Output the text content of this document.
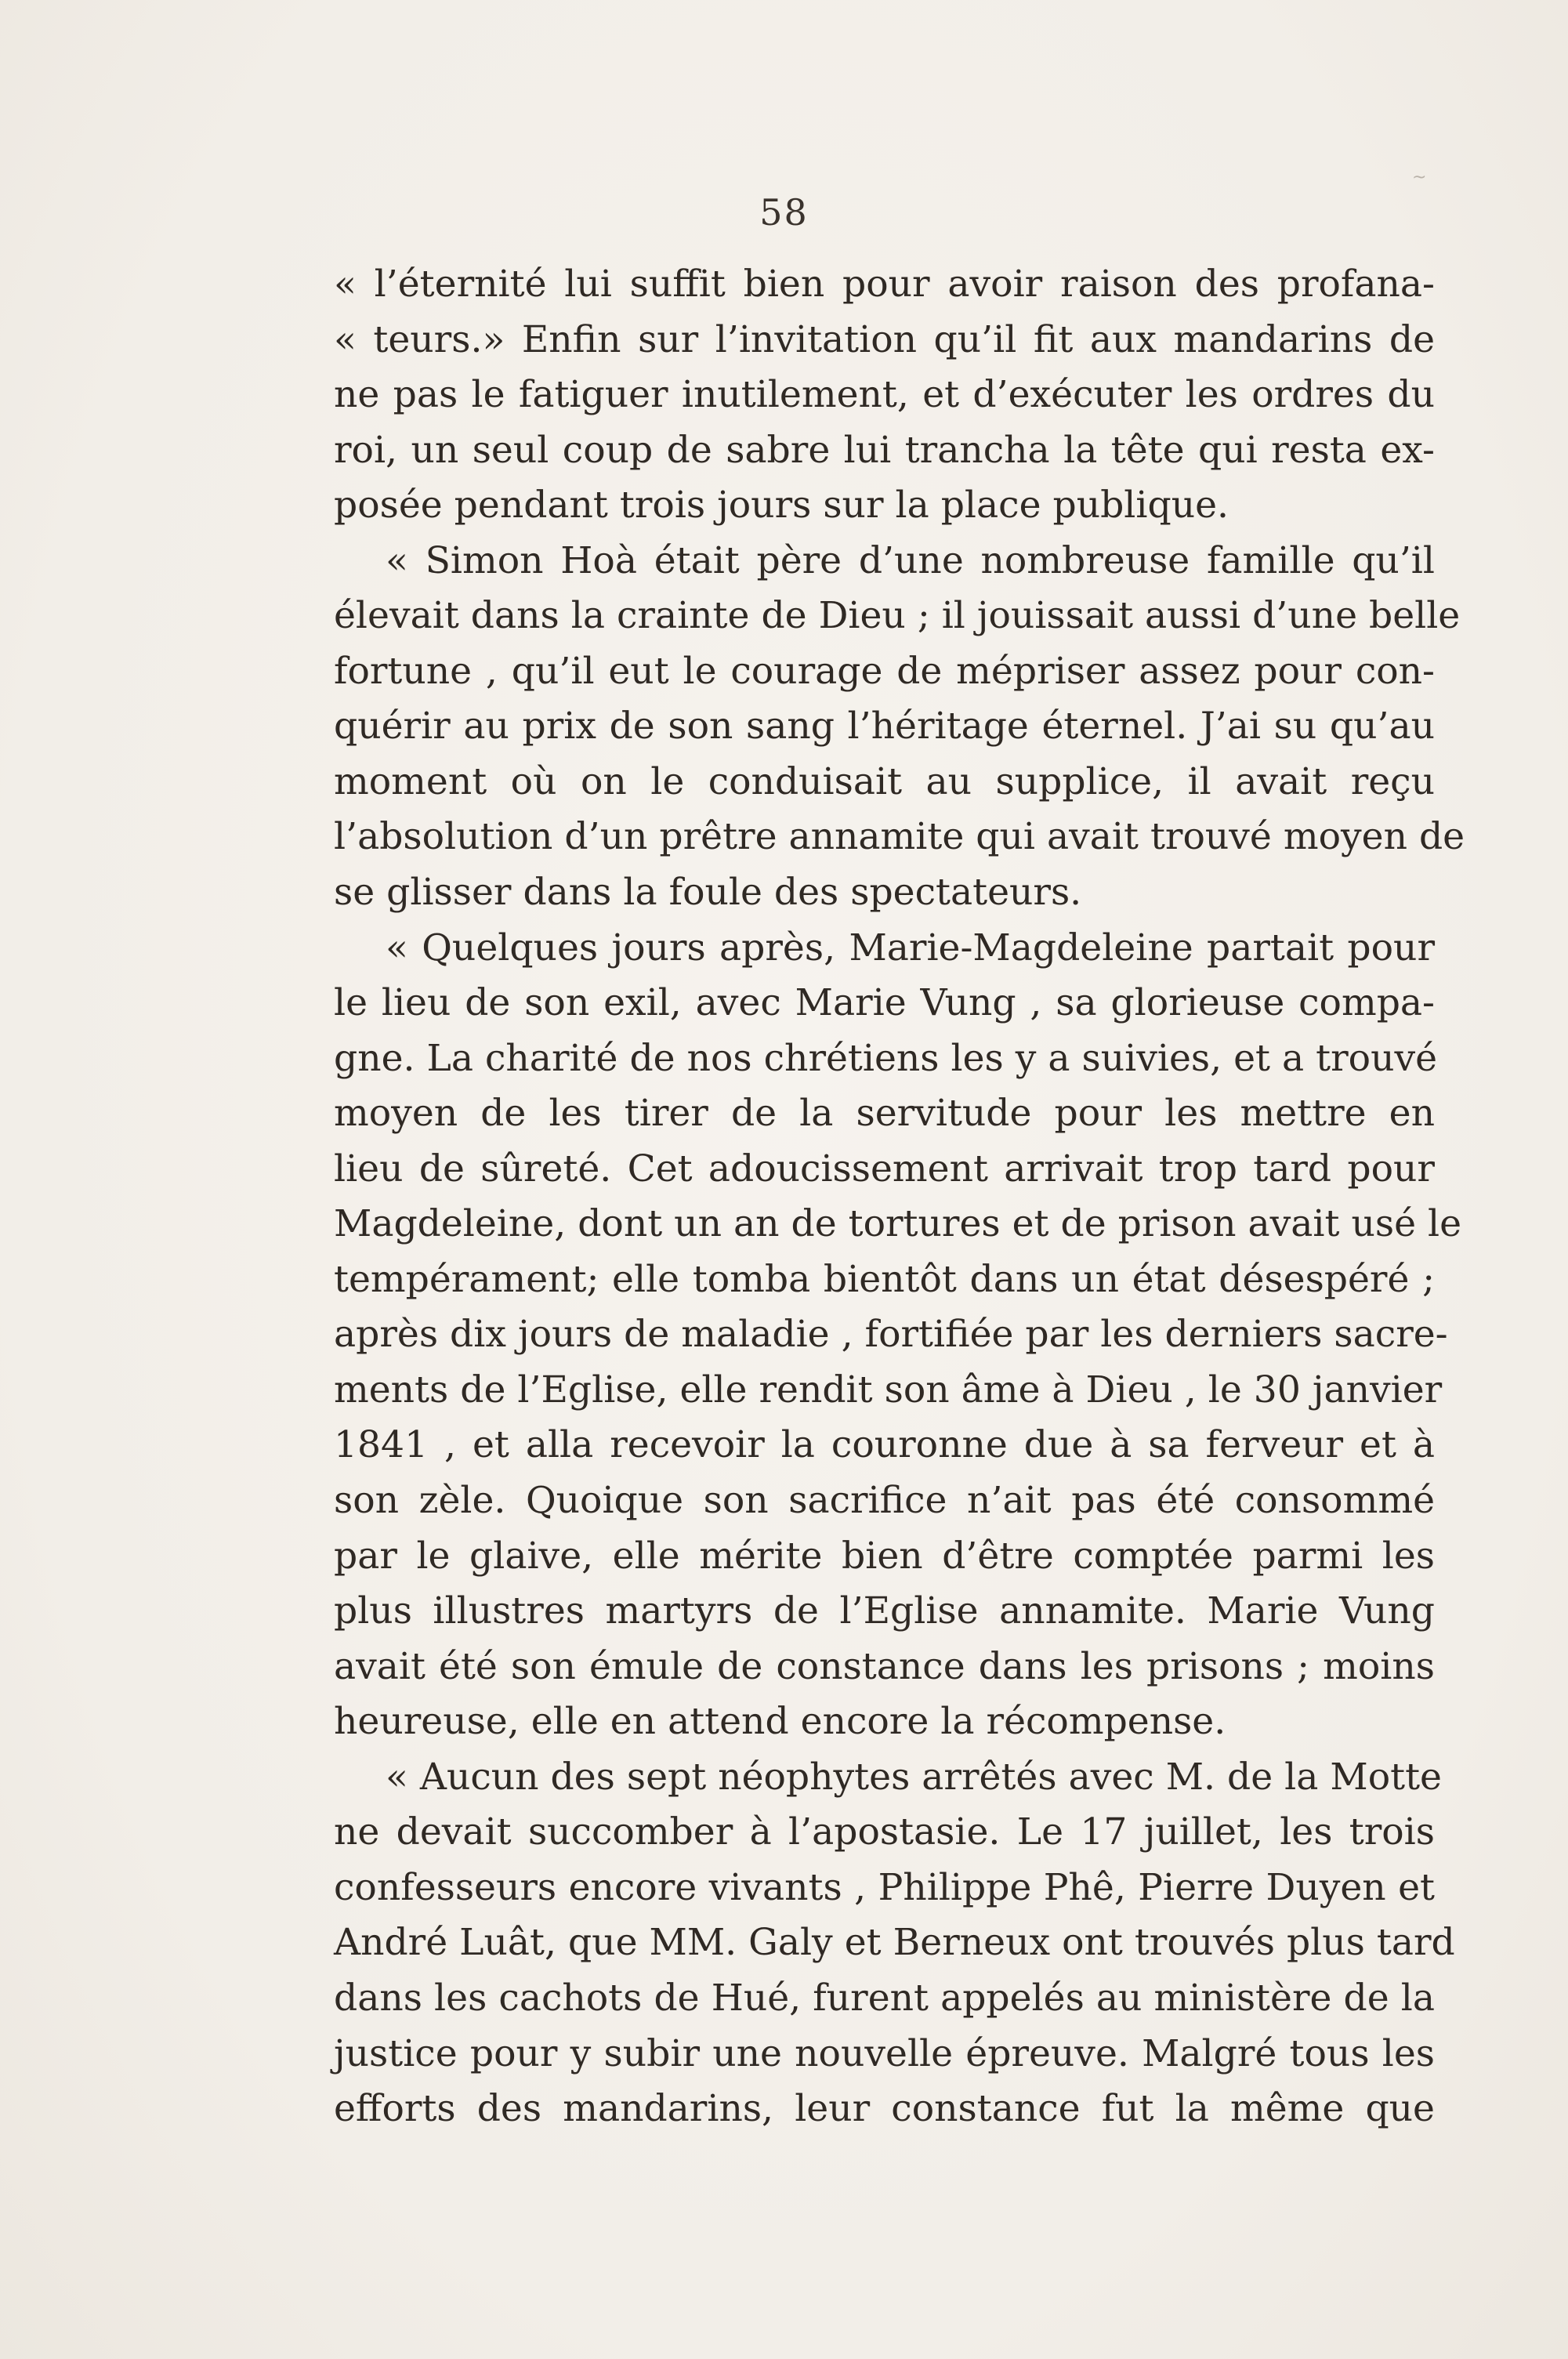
~
58
« l’éternité lui suffit bien pour avoir raison des profana-
« teurs.» Enfin sur l’invitation qu’il fit aux mandarins de
ne pas le fatiguer inutilement, et d’exécuter les ordres du
roi, un seul coup de sabre lui trancha la tête qui resta ex-
posée pendant trois jours sur la place publique.
« Simon Hoà était père d’une nombreuse famille qu’il
élevait dans la crainte de Dieu ; il jouissait aussi d’une belle
fortune , qu’il eut le courage de mépriser assez pour con-
quérir au prix de son sang l’héritage éternel. J’ai su qu’au
moment où on le conduisait au supplice, il avait reçu
l’absolution d’un prêtre annamite qui avait trouvé moyen de
se glisser dans la foule des spectateurs.
« Quelques jours après, Marie-Magdeleine partait pour
le lieu de son exil, avec Marie Vung , sa glorieuse compa-
gne. La charité de nos chrétiens les y a suivies, et a trouvé
moyen de les tirer de la servitude pour les mettre en
lieu de sûreté. Cet adoucissement arrivait trop tard pour
Magdeleine, dont un an de tortures et de prison avait usé le
tempérament; elle tomba bientôt dans un état désespéré ;
après dix jours de maladie , fortifiée par les derniers sacre-
ments de l’Eglise, elle rendit son âme à Dieu , le 30 janvier
1841 , et alla recevoir la couronne due à sa ferveur et à
son zèle. Quoique son sacrifice n’ait pas été consommé
par le glaive, elle mérite bien d’être comptée parmi les
plus illustres martyrs de l’Eglise annamite. Marie Vung
avait été son émule de constance dans les prisons ; moins
heureuse, elle en attend encore la récompense.
« Aucun des sept néophytes arrêtés avec M. de la Motte
ne devait succomber à l’apostasie. Le 17 juillet, les trois
confesseurs encore vivants , Philippe Phê, Pierre Duyen et
André Luât, que MM. Galy et Berneux ont trouvés plus tard
dans les cachots de Hué, furent appelés au ministère de la
justice pour y subir une nouvelle épreuve. Malgré tous les
efforts des mandarins, leur constance fut la même que
